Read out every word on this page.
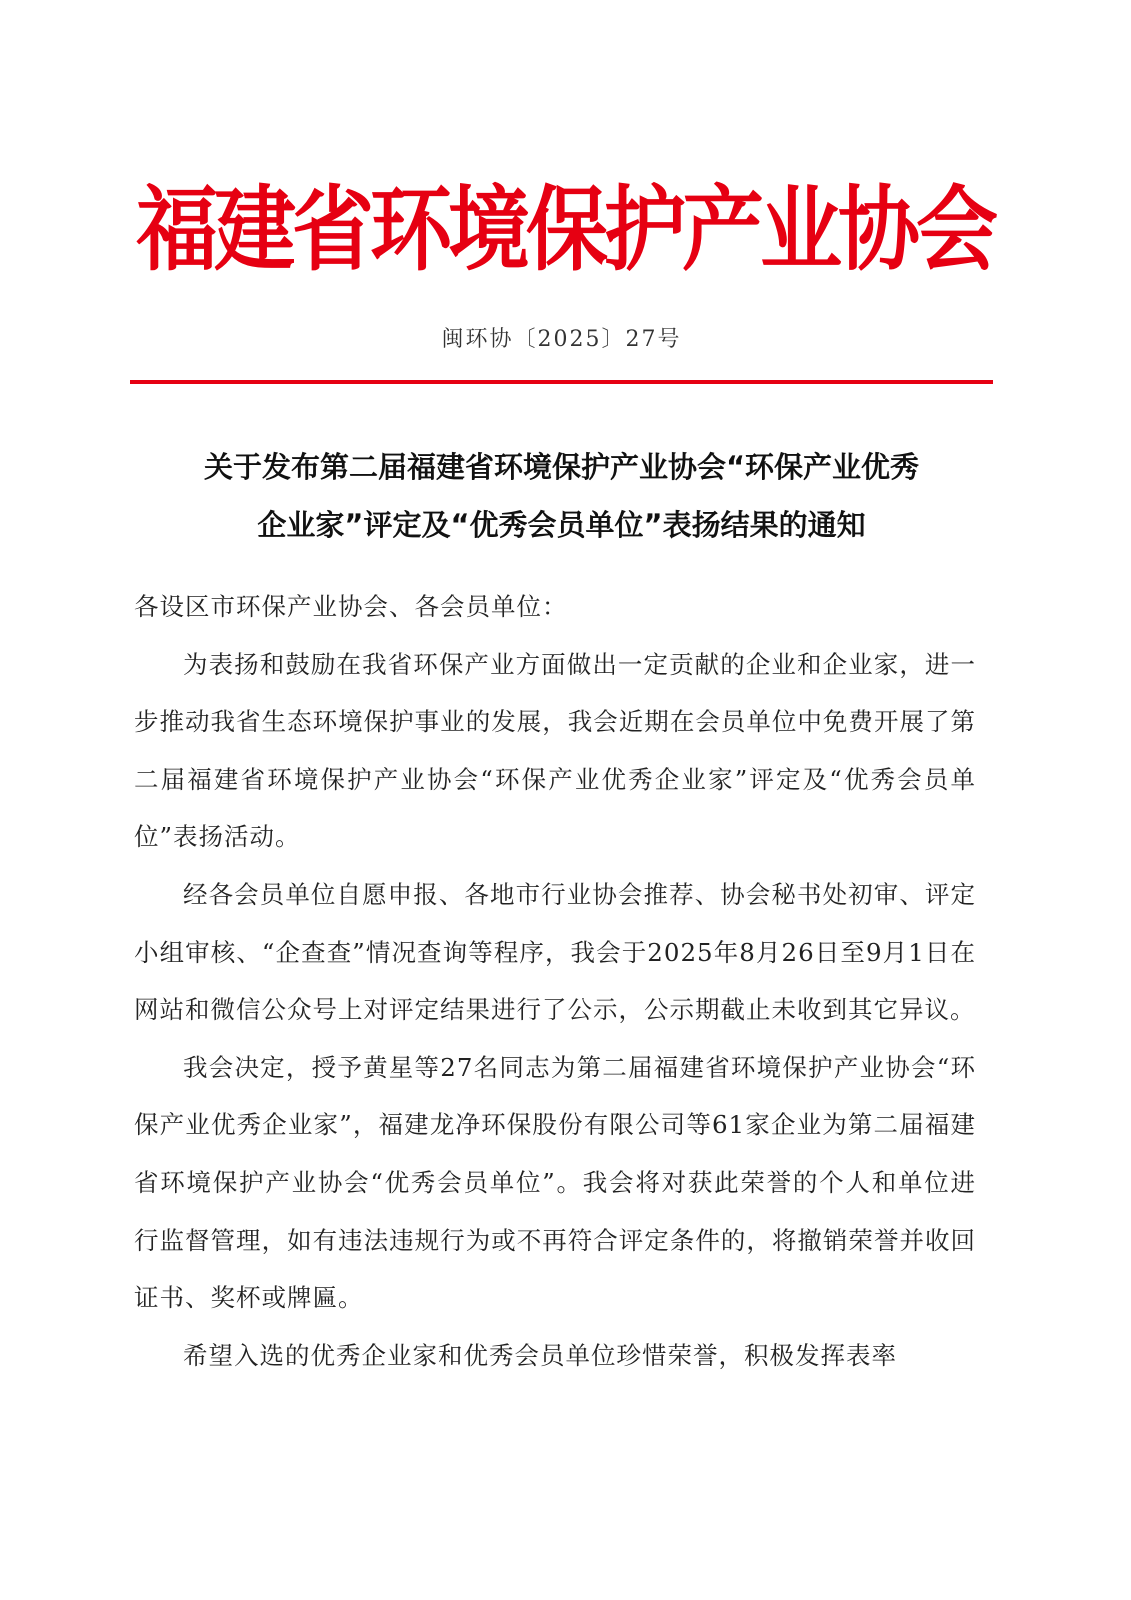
福建省环境保护产业协会
闽环协〔2025〕27号
关于发布第二届福建省环境保护产业协会“环保产业优秀
企业家”评定及“优秀会员单位”表扬结果的通知

各设区市环保产业协会、各会员单位：

为表扬和鼓励在我省环保产业方面做出一定贡献的企业和企业家，进一步推动我省生态环境保护事业的发展，我会近期在会员单位中免费开展了第二届福建省环境保护产业协会“环保产业优秀企业家”评定及“优秀会员单位”表扬活动。

经各会员单位自愿申报、各地市行业协会推荐、协会秘书处初审、评定小组审核、“企查查”情况查询等程序，我会于2025年8月26日至9月1日在网站和微信公众号上对评定结果进行了公示，公示期截止未收到其它异议。

我会决定，授予黄星等27名同志为第二届福建省环境保护产业协会“环保产业优秀企业家”，福建龙净环保股份有限公司等61家企业为第二届福建省环境保护产业协会“优秀会员单位”。我会将对获此荣誉的个人和单位进行监督管理，如有违法违规行为或不再符合评定条件的，将撤销荣誉并收回证书、奖杯或牌匾。

希望入选的优秀企业家和优秀会员单位珍惜荣誉，积极发挥表率
